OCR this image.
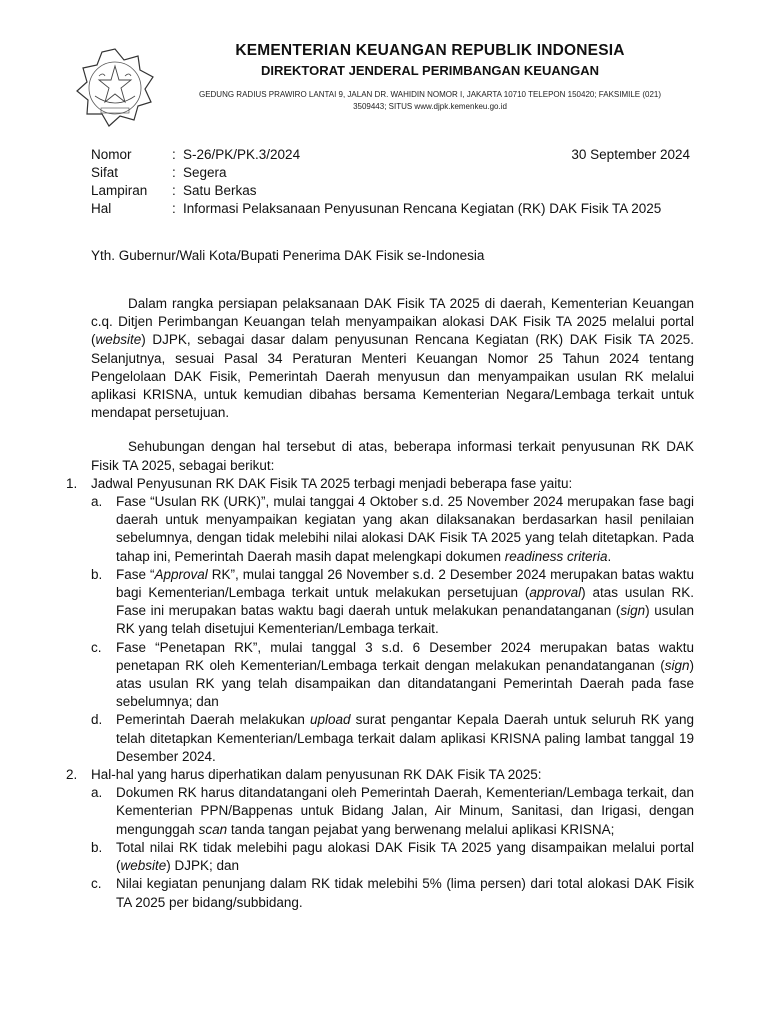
KEMENTERIAN KEUANGAN REPUBLIK INDONESIA
DIREKTORAT JENDERAL PERIMBANGAN KEUANGAN
GEDUNG RADIUS PRAWIRO LANTAI 9, JALAN DR. WAHIDIN NOMOR I, JAKARTA 10710 TELEPON 150420; FAKSIMILE (021)
3509443; SITUS www.djpk.kemenkeu.go.id
Nomor	: S-26/PK/PK.3/2024	30 September 2024
Sifat	: Segera
Lampiran : Satu Berkas
Hal	: Informasi Pelaksanaan Penyusunan Rencana Kegiatan (RK) DAK Fisik TA 2025
Yth. Gubernur/Wali Kota/Bupati Penerima DAK Fisik se-Indonesia

Dalam rangka persiapan pelaksanaan DAK Fisik TA 2025 di daerah, Kementerian Keuangan c.q. Ditjen Perimbangan Keuangan telah menyampaikan alokasi DAK Fisik TA 2025 melalui portal (website) DJPK, sebagai dasar dalam penyusunan Rencana Kegiatan (RK) DAK Fisik TA 2025. Selanjutnya, sesuai Pasal 34 Peraturan Menteri Keuangan Nomor 25 Tahun 2024 tentang Pengelolaan DAK Fisik, Pemerintah Daerah menyusun dan menyampaikan usulan RK melalui aplikasi KRISNA, untuk kemudian dibahas bersama Kementerian Negara/Lembaga terkait untuk mendapat persetujuan.

Sehubungan dengan hal tersebut di atas, beberapa informasi terkait penyusunan RK DAK Fisik TA 2025, sebagai berikut:

1. Jadwal Penyusunan RK DAK Fisik TA 2025 terbagi menjadi beberapa fase yaitu:
a. Fase “Usulan RK (URK)”, mulai tanggai 4 Oktober s.d. 25 November 2024 merupakan fase bagi daerah untuk menyampaikan kegiatan yang akan dilaksanakan berdasarkan hasil penilaian sebelumnya, dengan tidak melebihi nilai alokasi DAK Fisik TA 2025 yang telah ditetapkan. Pada tahap ini, Pemerintah Daerah masih dapat melengkapi dokumen readiness criteria.
b. Fase “Approval RK”, mulai tanggal 26 November s.d. 2 Desember 2024 merupakan batas waktu bagi Kementerian/Lembaga terkait untuk melakukan persetujuan (approval) atas usulan RK. Fase ini merupakan batas waktu bagi daerah untuk melakukan penandatanganan (sign) usulan RK yang telah disetujui Kementerian/Lembaga terkait.
c. Fase “Penetapan RK”, mulai tanggal 3 s.d. 6 Desember 2024 merupakan batas waktu penetapan RK oleh Kementerian/Lembaga terkait dengan melakukan penandatanganan (sign) atas usulan RK yang telah disampaikan dan ditandatangani Pemerintah Daerah pada fase sebelumnya; dan
d. Pemerintah Daerah melakukan upload surat pengantar Kepala Daerah untuk seluruh RK yang telah ditetapkan Kementerian/Lembaga terkait dalam aplikasi KRISNA paling lambat tanggal 19 Desember 2024.
2. Hal-hal yang harus diperhatikan dalam penyusunan RK DAK Fisik TA 2025:
a. Dokumen RK harus ditandatangani oleh Pemerintah Daerah, Kementerian/Lembaga terkait, dan Kementerian PPN/Bappenas untuk Bidang Jalan, Air Minum, Sanitasi, dan Irigasi, dengan mengunggah scan tanda tangan pejabat yang berwenang melalui aplikasi KRISNA;
b. Total nilai RK tidak melebihi pagu alokasi DAK Fisik TA 2025 yang disampaikan melalui portal (website) DJPK; dan
c. Nilai kegiatan penunjang dalam RK tidak melebihi 5% (lima persen) dari total alokasi DAK Fisik TA 2025 per bidang/subbidang.
